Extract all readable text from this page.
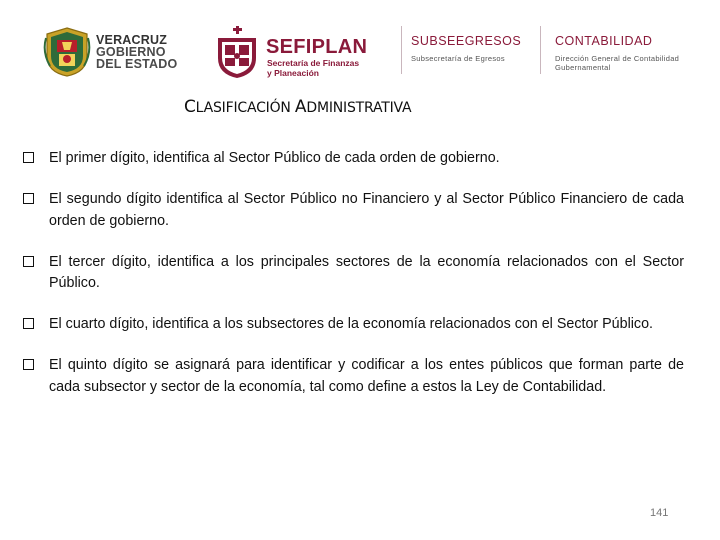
VERACRUZ
GOBIERNO
DEL ESTADO
SEFIPLAN
Secretaría de Finanzas
y Planeación
SUBSEEGRESOS
Subsecretaría de Egresos
CONTABILIDAD
Dirección General de Contabilidad
Gubernamental
CLASIFICACIÓN ADMINISTRATIVA
El primer dígito, identifica al Sector Público de cada orden de gobierno.
El segundo dígito identifica al Sector Público no Financiero y al Sector Público Financiero de cada orden de gobierno.
El tercer dígito, identifica a los principales sectores de la economía relacionados con el Sector Público.
El cuarto dígito, identifica a los subsectores de la economía relacionados con el Sector Público.
El quinto dígito se asignará para identificar y codificar a los entes públicos que forman parte de cada subsector y sector de la economía, tal como define a estos la Ley de Contabilidad.
141
